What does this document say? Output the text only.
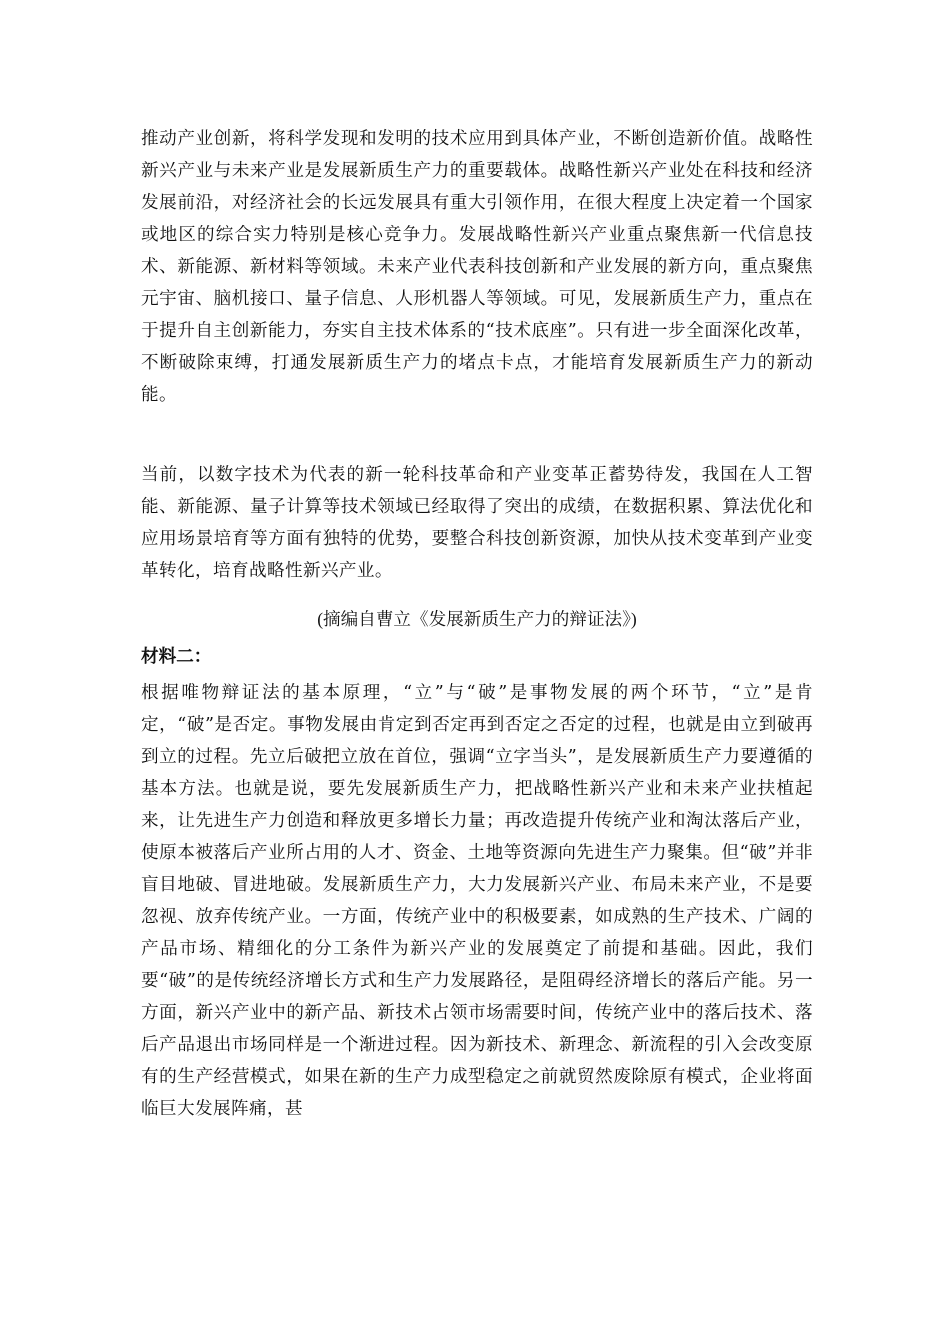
推动产业创新，将科学发现和发明的技术应用到具体产业，不断创造新价值。战略性新兴产业与未来产业是发展新质生产力的重要载体。战略性新兴产业处在科技和经济发展前沿，对经济社会的长远发展具有重大引领作用，在很大程度上决定着一个国家或地区的综合实力特别是核心竞争力。发展战略性新兴产业重点聚焦新一代信息技术、新能源、新材料等领域。未来产业代表科技创新和产业发展的新方向，重点聚焦元宇宙、脑机接口、量子信息、人形机器人等领域。可见，发展新质生产力，重点在于提升自主创新能力，夯实自主技术体系的“技术底座”。只有进一步全面深化改革，不断破除束缚，打通发展新质生产力的堵点卡点，才能培育发展新质生产力的新动能。

当前，以数字技术为代表的新一轮科技革命和产业变革正蓄势待发，我国在人工智能、新能源、量子计算等技术领域已经取得了突出的成绩，在数据积累、算法优化和应用场景培育等方面有独特的优势，要整合科技创新资源，加快从技术变革到产业变革转化，培育战略性新兴产业。

(摘编自曹立《发展新质生产力的辩证法》)
材料二：

根据唯物辩证法的基本原理，“立”与“破”是事物发展的两个环节，“立”是肯定，“破”是否定。事物发展由肯定到否定再到否定之否定的过程，也就是由立到破再到立的过程。先立后破把立放在首位，强调“立字当头”，是发展新质生产力要遵循的基本方法。也就是说，要先发展新质生产力，把战略性新兴产业和未来产业扶植起来，让先进生产力创造和释放更多增长力量；再改造提升传统产业和淘汰落后产业，使原本被落后产业所占用的人才、资金、土地等资源向先进生产力聚集。但“破”并非盲目地破、冒进地破。发展新质生产力，大力发展新兴产业、布局未来产业，不是要忽视、放弃传统产业。一方面，传统产业中的积极要素，如成熟的生产技术、广阔的产品市场、精细化的分工条件为新兴产业的发展奠定了前提和基础。因此，我们要“破”的是传统经济增长方式和生产力发展路径，是阻碍经济增长的落后产能。另一方面，新兴产业中的新产品、新技术占领市场需要时间，传统产业中的落后技术、落后产品退出市场同样是一个渐进过程。因为新技术、新理念、新流程的引入会改变原有的生产经营模式，如果在新的生产力成型稳定之前就贸然废除原有模式，企业将面临巨大发展阵痛，甚
